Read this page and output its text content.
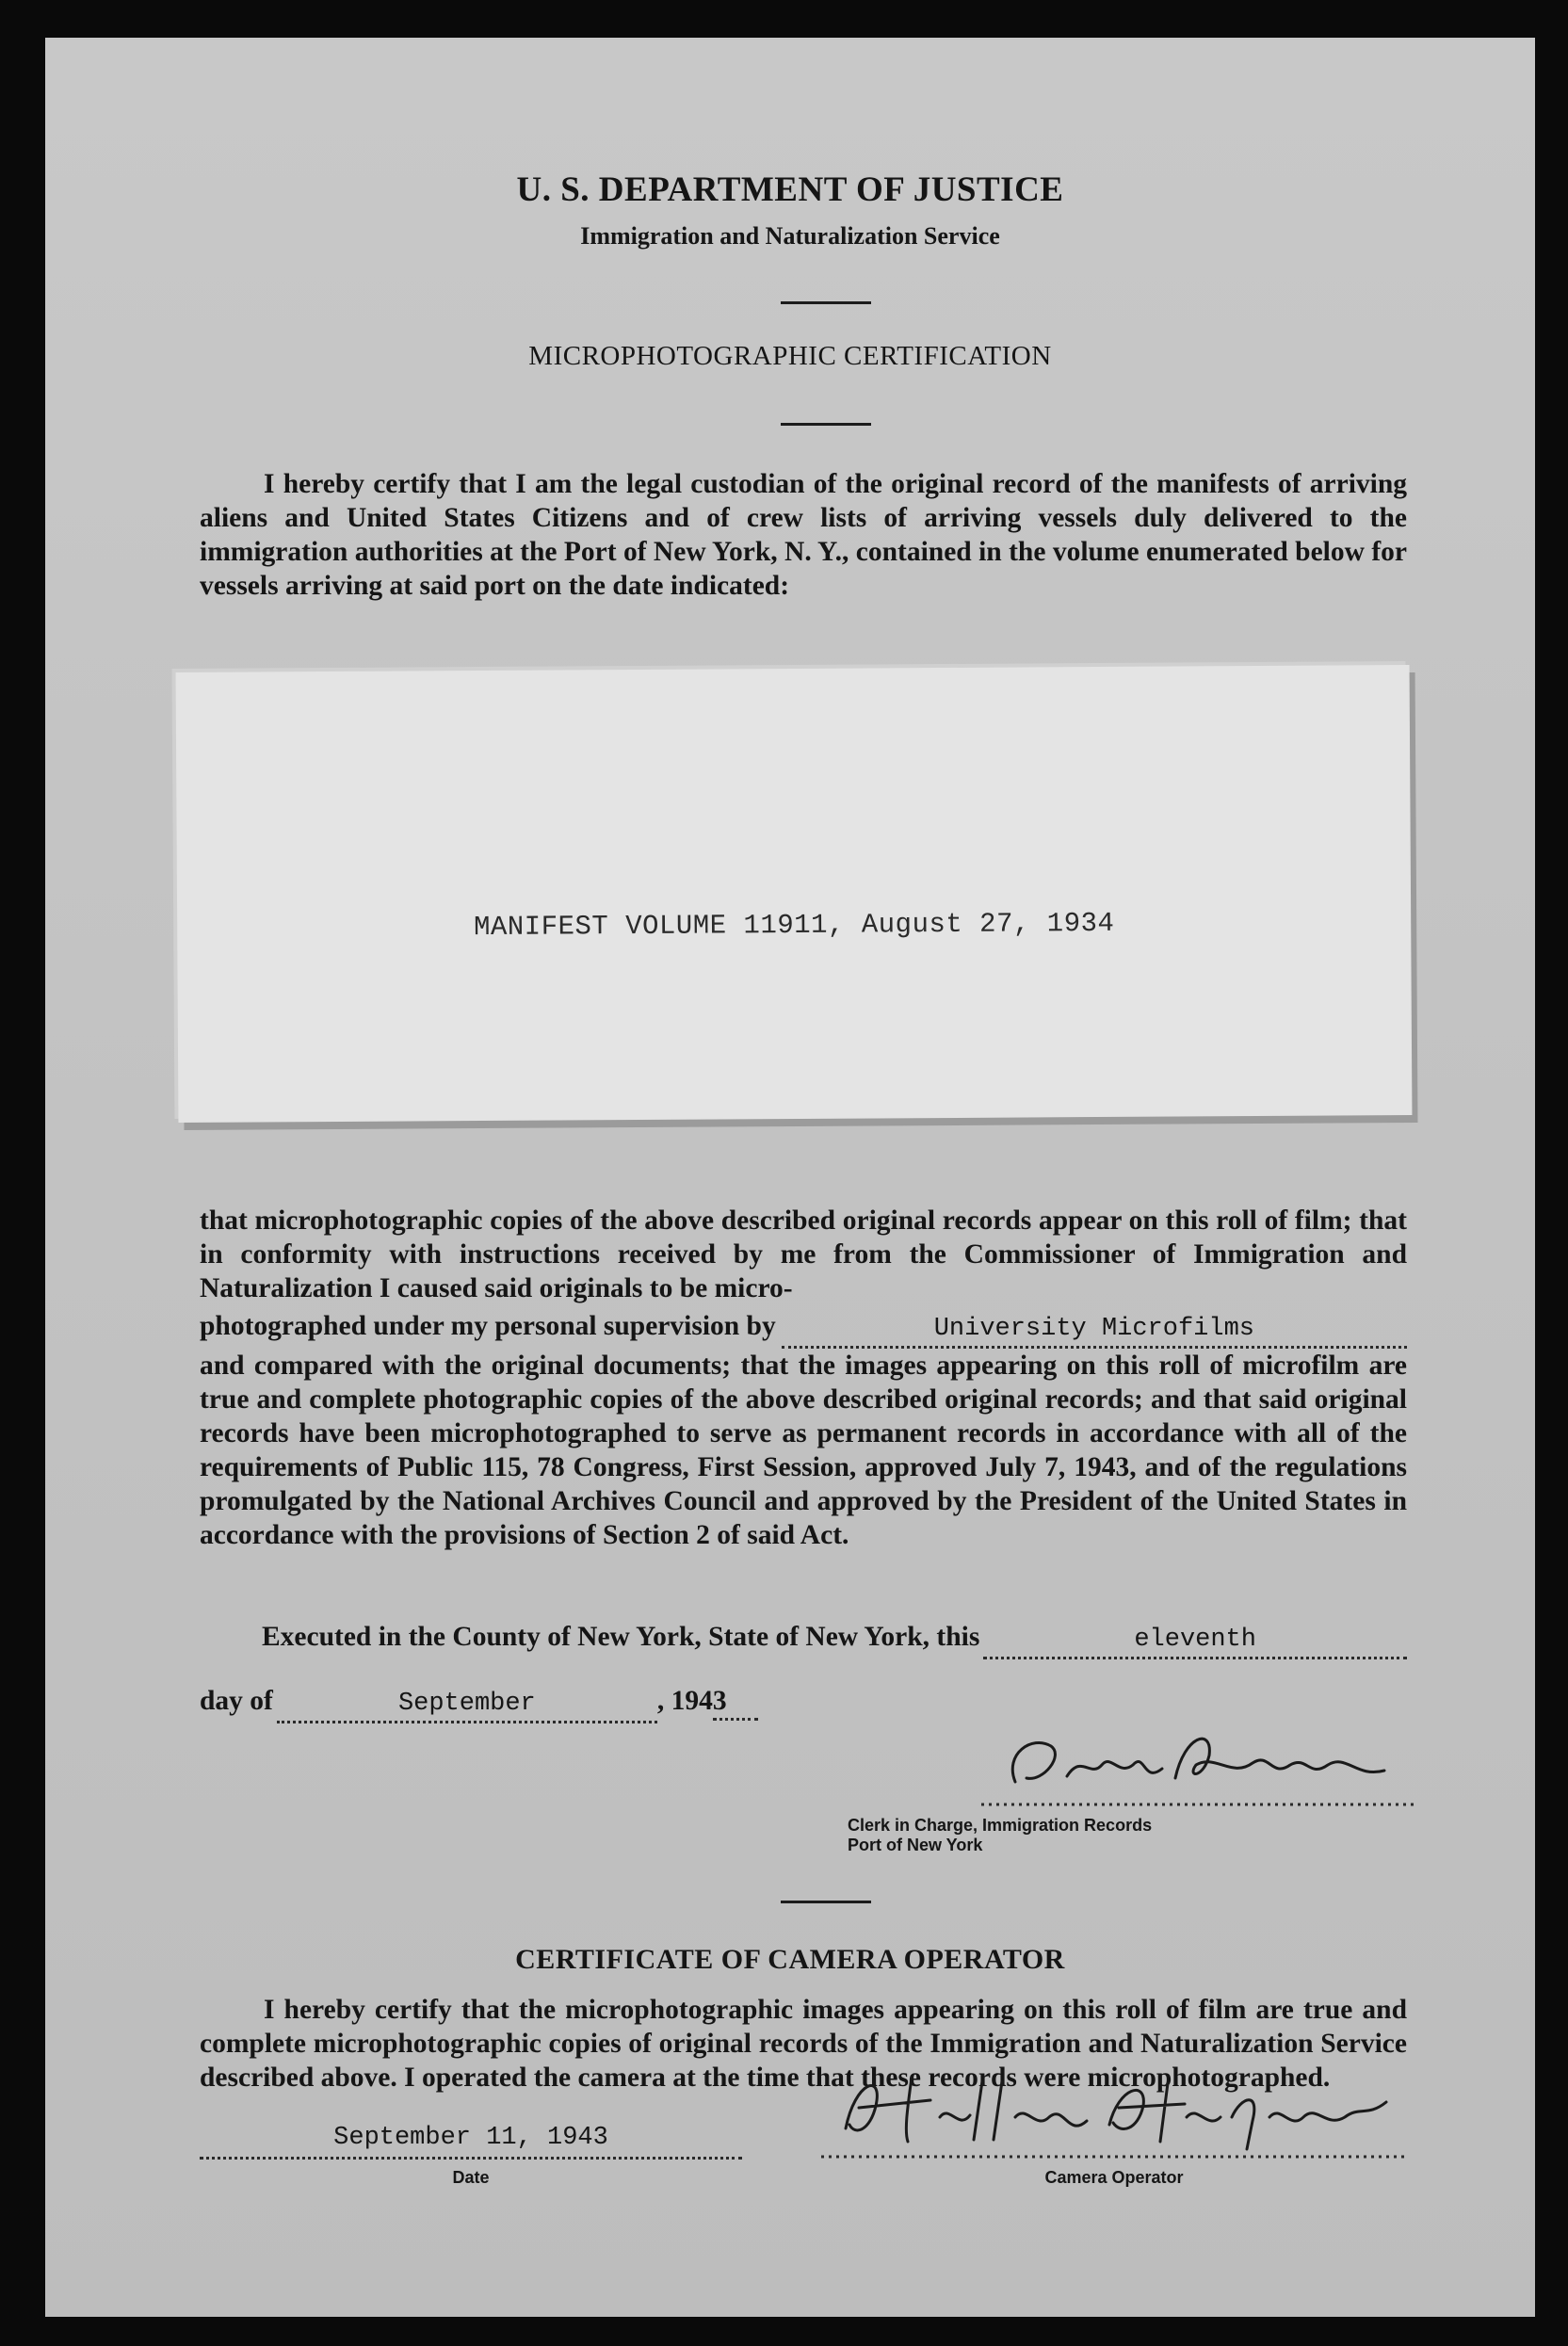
U. S. DEPARTMENT OF JUSTICE
Immigration and Naturalization Service
MICROPHOTOGRAPHIC CERTIFICATION
I hereby certify that I am the legal custodian of the original record of the manifests of arriving aliens and United States Citizens and of crew lists of arriving vessels duly delivered to the immigration authorities at the Port of New York, N. Y., contained in the volume enumerated below for vessels arriving at said port on the date indicated:
MANIFEST VOLUME 11911, August 27, 1934
that microphotographic copies of the above described original records appear on this roll of film; that in conformity with instructions received by me from the Commissioner of Immigration and Naturalization I caused said originals to be micro-
photographed under my personal supervision by	University Microfilms
and compared with the original documents; that the images appearing on this roll of microfilm are true and complete photographic copies of the above described original records; and that said original records have been microphotographed to serve as permanent records in accordance with all of the requirements of Public 115, 78 Congress, First Session, approved July 7, 1943, and of the regulations promulgated by the National Archives Council and approved by the President of the United States in accordance with the provisions of Section 2 of said Act.
Executed in the County of New York, State of New York, this	eleventh
day of	September	, 194 3
Clerk in Charge, Immigration Records
Port of New York
CERTIFICATE OF CAMERA OPERATOR
I hereby certify that the microphotographic images appearing on this roll of film are true and complete microphotographic copies of original records of the Immigration and Naturalization Service described above. I operated the camera at the time that these records were microphotographed.
September 11, 1943
Date	Camera Operator
